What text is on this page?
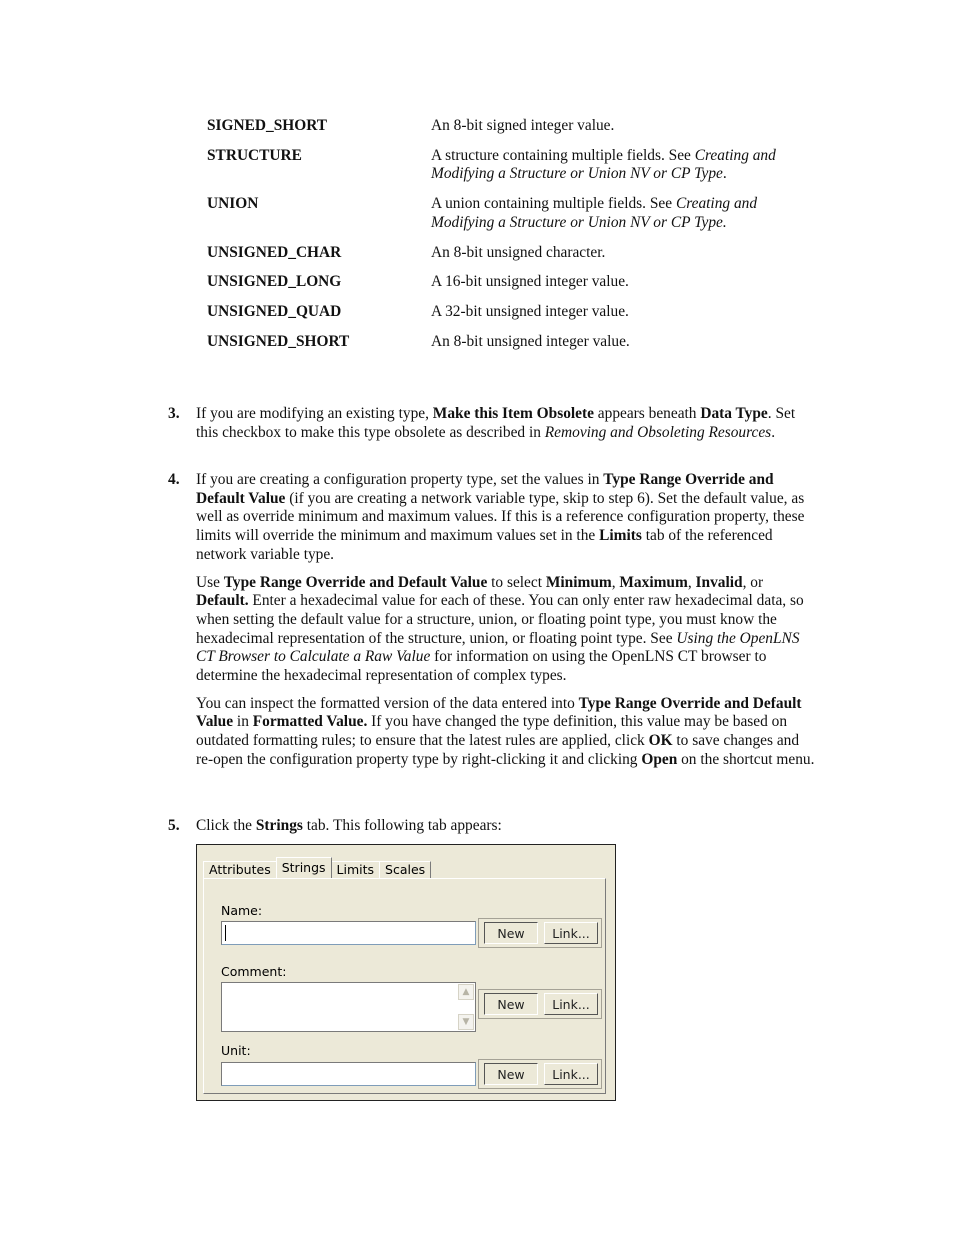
SIGNED_SHORT	An 8-bit signed integer value.
STRUCTURE	A structure containing multiple fields. See Creating and Modifying a Structure or Union NV or CP Type.
UNION	A union containing multiple fields. See Creating and Modifying a Structure or Union NV or CP Type.
UNSIGNED_CHAR	An 8-bit unsigned character.
UNSIGNED_LONG	A 16-bit unsigned integer value.
UNSIGNED_QUAD	A 32-bit unsigned integer value.
UNSIGNED_SHORT	An 8-bit unsigned integer value.
3. If you are modifying an existing type, Make this Item Obsolete appears beneath Data Type. Set this checkbox to make this type obsolete as described in Removing and Obsoleting Resources.

4. If you are creating a configuration property type, set the values in Type Range Override and Default Value (if you are creating a network variable type, skip to step 6). Set the default value, as well as override minimum and maximum values. If this is a reference configuration property, these limits will override the minimum and maximum values set in the Limits tab of the referenced network variable type.

Use Type Range Override and Default Value to select Minimum, Maximum, Invalid, or Default. Enter a hexadecimal value for each of these. You can only enter raw hexadecimal data, so when setting the default value for a structure, union, or floating point type, you must know the hexadecimal representation of the structure, union, or floating point type. See Using the OpenLNS CT Browser to Calculate a Raw Value for information on using the OpenLNS CT browser to determine the hexadecimal representation of complex types.

You can inspect the formatted version of the data entered into Type Range Override and Default Value in Formatted Value. If you have changed the type definition, this value may be based on outdated formatting rules; to ensure that the latest rules are applied, click OK to save changes and re-open the configuration property type by right-clicking it and clicking Open on the shortcut menu.

5. Click the Strings tab. This following tab appears:

Attributes Strings Limits Scales
Name:
New	Link...
Comment:
▲
▼
New	Link...
Unit:
New	Link...
